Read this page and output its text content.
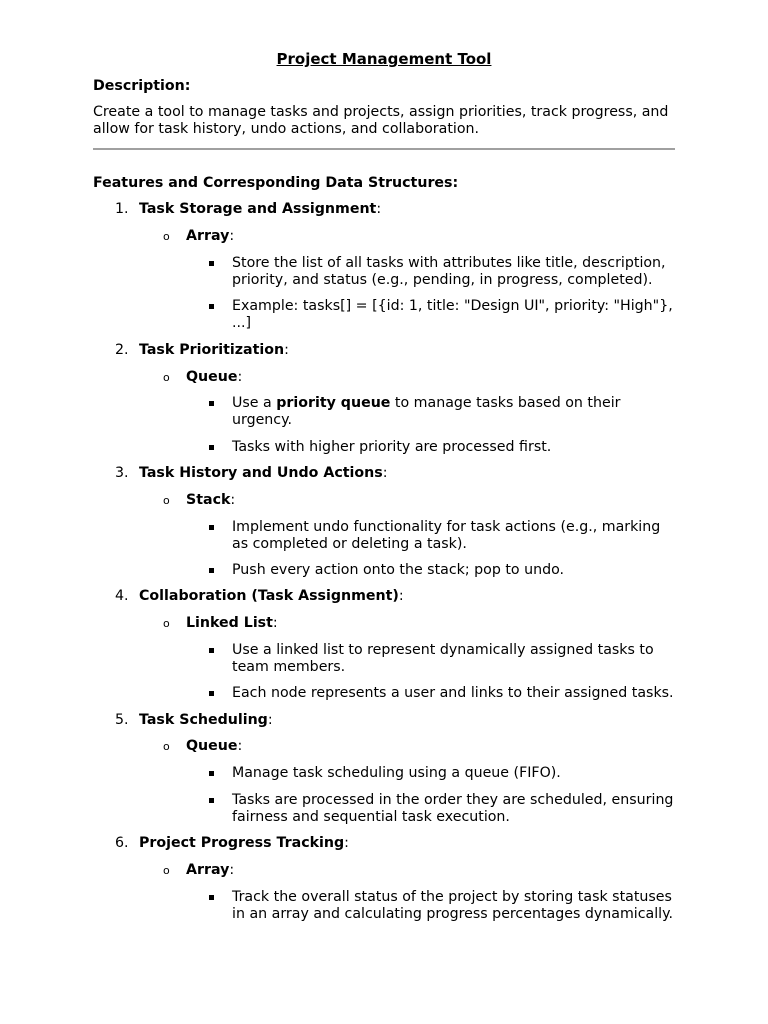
Project Management Tool
Description:
Create a tool to manage tasks and projects, assign priorities, track progress, and allow for task history, undo actions, and collaboration.
Features and Corresponding Data Structures:
1. Task Storage and Assignment:
o Array:
Store the list of all tasks with attributes like title, description, priority, and status (e.g., pending, in progress, completed).
Example: tasks[] = [{id: 1, title: "Design UI", priority: "High"}, ...]
2. Task Prioritization:
o Queue:
Use a priority queue to manage tasks based on their urgency.
Tasks with higher priority are processed first.
3. Task History and Undo Actions:
o Stack:
Implement undo functionality for task actions (e.g., marking as completed or deleting a task).
Push every action onto the stack; pop to undo.
4. Collaboration (Task Assignment):
o Linked List:
Use a linked list to represent dynamically assigned tasks to team members.
Each node represents a user and links to their assigned tasks.
5. Task Scheduling:
o Queue:
Manage task scheduling using a queue (FIFO).
Tasks are processed in the order they are scheduled, ensuring fairness and sequential task execution.
6. Project Progress Tracking:
o Array:
Track the overall status of the project by storing task statuses in an array and calculating progress percentages dynamically.
